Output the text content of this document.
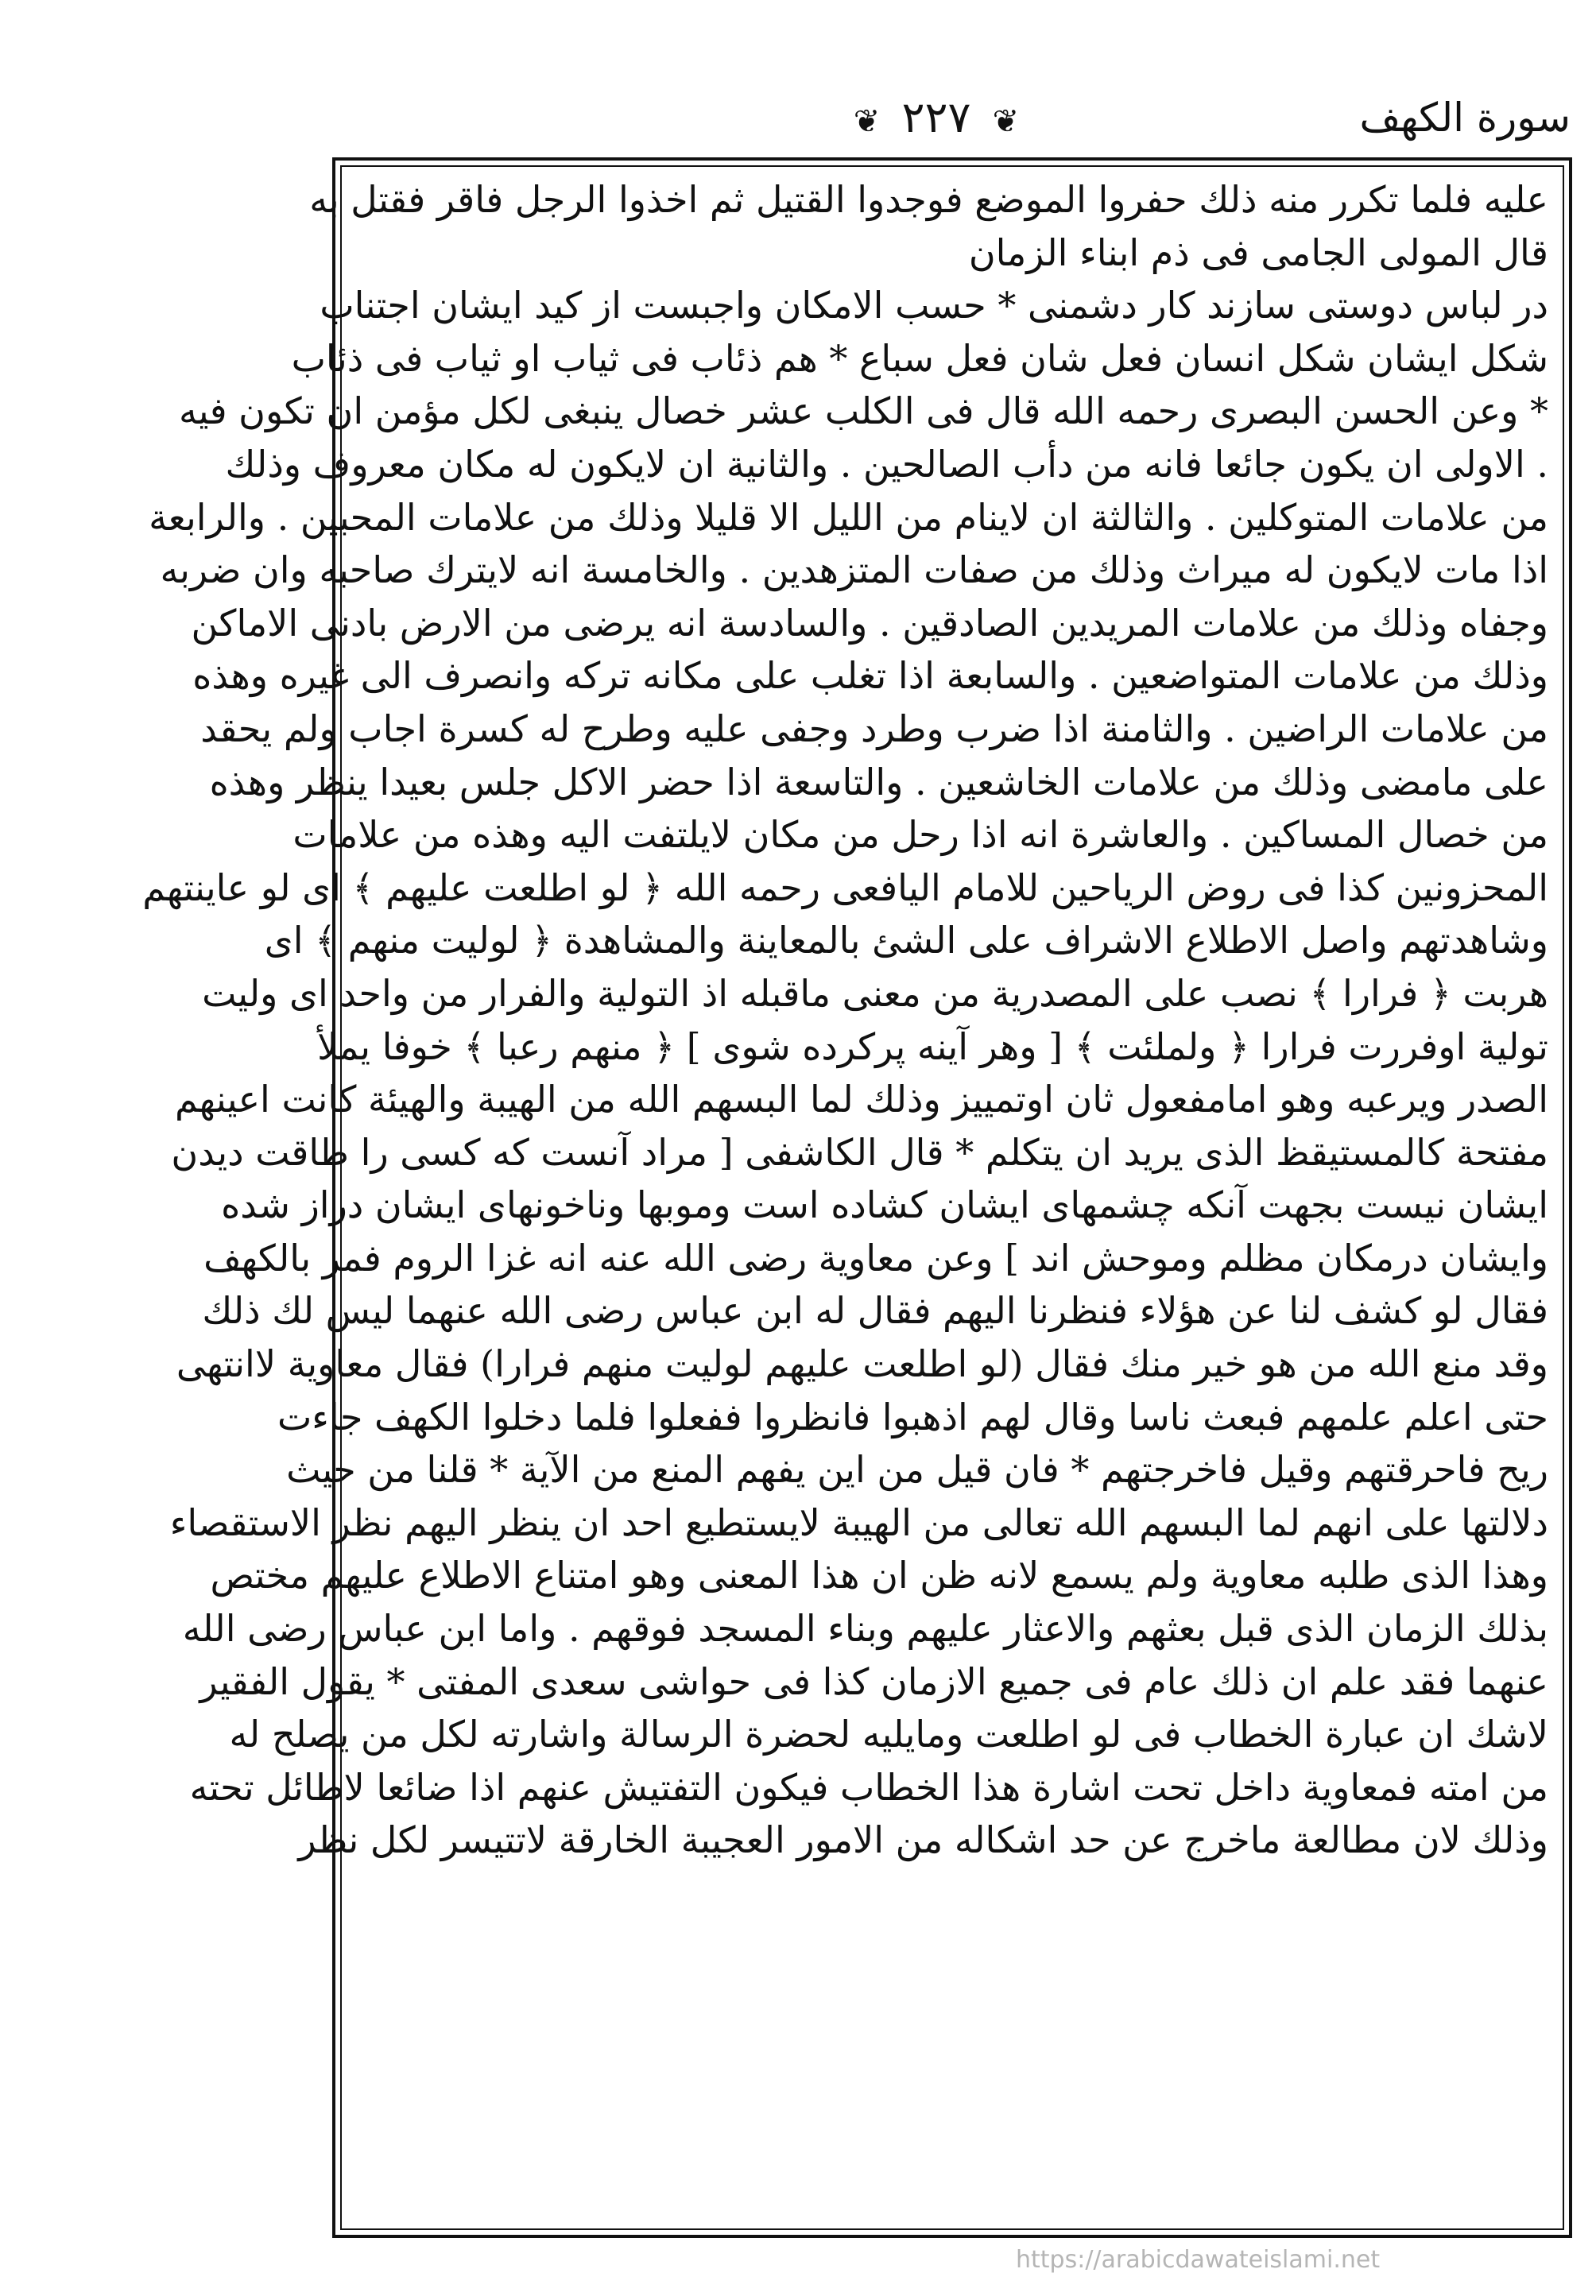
سورة الكهف
❦ ٢٢٧ ❦
عليه فلما تكرر منه ذلك حفروا الموضع فوجدوا القتيل ثم اخذوا الرجل فاقر فقتل به
قال المولى الجامى فى ذم ابناء الزمان
در لباس دوستى سازند كار دشمنى * حسب الامكان واجبست از كيد ايشان اجتناب
شكل ايشان شكل انسان فعل شان فعل سباع * هم ذئاب فى ثياب او ثياب فى ذئاب
* وعن الحسن البصرى رحمه الله قال فى الكلب عشر خصال ينبغى لكل مؤمن ان تكون فيه
. الاولى ان يكون جائعا فانه من دأب الصالحين . والثانية ان لايكون له مكان معروف وذلك
من علامات المتوكلين . والثالثة ان لاينام من الليل الا قليلا وذلك من علامات المحبين . والرابعة
اذا مات لايكون له ميراث وذلك من صفات المتزهدين . والخامسة انه لايترك صاحبه وان ضربه
وجفاه وذلك من علامات المريدين الصادقين . والسادسة انه يرضى من الارض بادنى الاماكن
وذلك من علامات المتواضعين . والسابعة اذا تغلب على مكانه تركه وانصرف الى غيره وهذه
من علامات الراضين . والثامنة اذا ضرب وطرد وجفى عليه وطرح له كسرة اجاب ولم يحقد
على مامضى وذلك من علامات الخاشعين . والتاسعة اذا حضر الاكل جلس بعيدا ينظر وهذه
من خصال المساكين . والعاشرة انه اذا رحل من مكان لايلتفت اليه وهذه من علامات
المحزونين كذا فى روض الرياحين للامام اليافعى رحمه الله ﴿ لو اطلعت عليهم ﴾ اى لو عاينتهم
وشاهدتهم واصل الاطلاع الاشراف على الشئ بالمعاينة والمشاهدة ﴿ لوليت منهم ﴾ اى
هربت ﴿ فرارا ﴾ نصب على المصدرية من معنى ماقبله اذ التولية والفرار من واحد اى وليت
تولية اوفررت فرارا ﴿ ولملئت ﴾ [ وهر آينه پركرده شوى ] ﴿ منهم رعبا ﴾ خوفا يملأ
الصدر ويرعبه وهو امامفعول ثان اوتمييز وذلك لما البسهم الله من الهيبة والهيئة كانت اعينهم
مفتحة كالمستيقظ الذى يريد ان يتكلم * قال الكاشفى [ مراد آنست كه كسى را طاقت ديدن
ايشان نيست بجهت آنكه چشمهاى ايشان كشاده است وموبها وناخونهاى ايشان دراز شده
وايشان درمكان مظلم وموحش اند ] وعن معاوية رضى الله عنه انه غزا الروم فمر بالكهف
فقال لو كشف لنا عن هؤلاء فنظرنا اليهم فقال له ابن عباس رضى الله عنهما ليس لك ذلك
وقد منع الله من هو خير منك فقال (لو اطلعت عليهم لوليت منهم فرارا) فقال معاوية لاانتهى
حتى اعلم علمهم فبعث ناسا وقال لهم اذهبوا فانظروا ففعلوا فلما دخلوا الكهف جاءت
ريح فاحرقتهم وقيل فاخرجتهم * فان قيل من اين يفهم المنع من الآية * قلنا من حيث
دلالتها على انهم لما البسهم الله تعالى من الهيبة لايستطيع احد ان ينظر اليهم نظر الاستقصاء
وهذا الذى طلبه معاوية ولم يسمع لانه ظن ان هذا المعنى وهو امتناع الاطلاع عليهم مختص
بذلك الزمان الذى قبل بعثهم والاعثار عليهم وبناء المسجد فوقهم . واما ابن عباس رضى الله
عنهما فقد علم ان ذلك عام فى جميع الازمان كذا فى حواشى سعدى المفتى * يقول الفقير
لاشك ان عبارة الخطاب فى لو اطلعت ومايليه لحضرة الرسالة واشارته لكل من يصلح له
من امته فمعاوية داخل تحت اشارة هذا الخطاب فيكون التفتيش عنهم اذا ضائعا لاطائل تحته
وذلك لان مطالعة ماخرج عن حد اشكاله من الامور العجيبة الخارقة لاتتيسر لكل نظر
https://arabicdawateislami.net
